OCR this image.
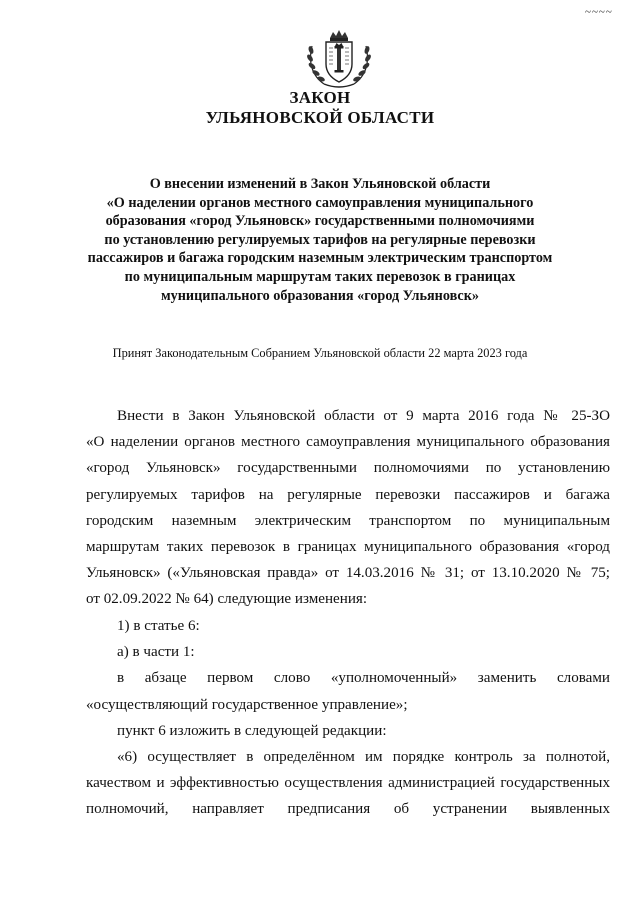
~~~~
ЗАКОН
УЛЬЯНОВСКОЙ ОБЛАСТИ
О внесении изменений в Закон Ульяновской области
«О наделении органов местного самоуправления муниципального
образования «город Ульяновск» государственными полномочиями
по установлению регулируемых тарифов на регулярные перевозки
пассажиров и багажа городским наземным электрическим транспортом
по муниципальным маршрутам таких перевозок в границах
муниципального образования «город Ульяновск»
Принят Законодательным Собранием Ульяновской области 22 марта 2023 года
Внести в Закон Ульяновской области от 9 марта 2016 года № 25-ЗО
«О наделении органов местного самоуправления муниципального образования
«город Ульяновск» государственными полномочиями по установлению
регулируемых тарифов на регулярные перевозки пассажиров и багажа
городским наземным электрическим транспортом по муниципальным
маршрутам таких перевозок в границах муниципального образования «город
Ульяновск» («Ульяновская правда» от 14.03.2016 № 31; от 13.10.2020 № 75;
от 02.09.2022 № 64) следующие изменения:
1) в статье 6:
а) в части 1:
в абзаце первом слово «уполномоченный» заменить словами
«осуществляющий государственное управление»;
пункт 6 изложить в следующей редакции:
«6) осуществляет в определённом им порядке контроль за полнотой,
качеством и эффективностью осуществления администрацией государственных
полномочий, направляет предписания об устранении выявленных
